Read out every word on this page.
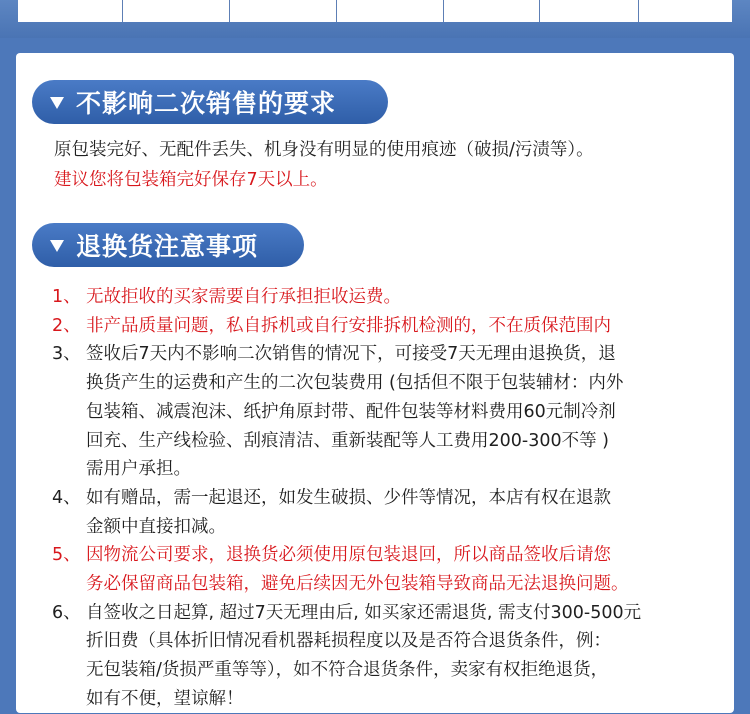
不影响二次销售的要求
原包装完好、无配件丢失、机身没有明显的使用痕迹（破损/污渍等）。
建议您将包装箱完好保存7天以上。
退换货注意事项
1、 无故拒收的买家需要自行承担拒收运费。
2、 非产品质量问题，私自拆机或自行安排拆机检测的，不在质保范围内
3、 签收后7天内不影响二次销售的情况下，可接受7天无理由退换货，退
换货产生的运费和产生的二次包装费用 (包括但不限于包装辅材：内外
包装箱、减震泡沫、纸护角原封带、配件包装等材料费用60元制冷剂
回充、生产线检验、刮痕清洁、重新装配等人工费用200-300不等 )
需用户承担。
4、 如有赠品，需一起退还，如发生破损、少件等情况，本店有权在退款
金额中直接扣减。
5、 因物流公司要求，退换货必须使用原包装退回，所以商品签收后请您
务必保留商品包装箱，避免后续因无外包装箱导致商品无法退换问题。
6、 自签收之日起算, 超过7天无理由后, 如买家还需退货, 需支付300-500元
折旧费（具体折旧情况看机器耗损程度以及是否符合退货条件，例：
无包装箱/货损严重等等），如不符合退货条件，卖家有权拒绝退货，
如有不便，望谅解！
